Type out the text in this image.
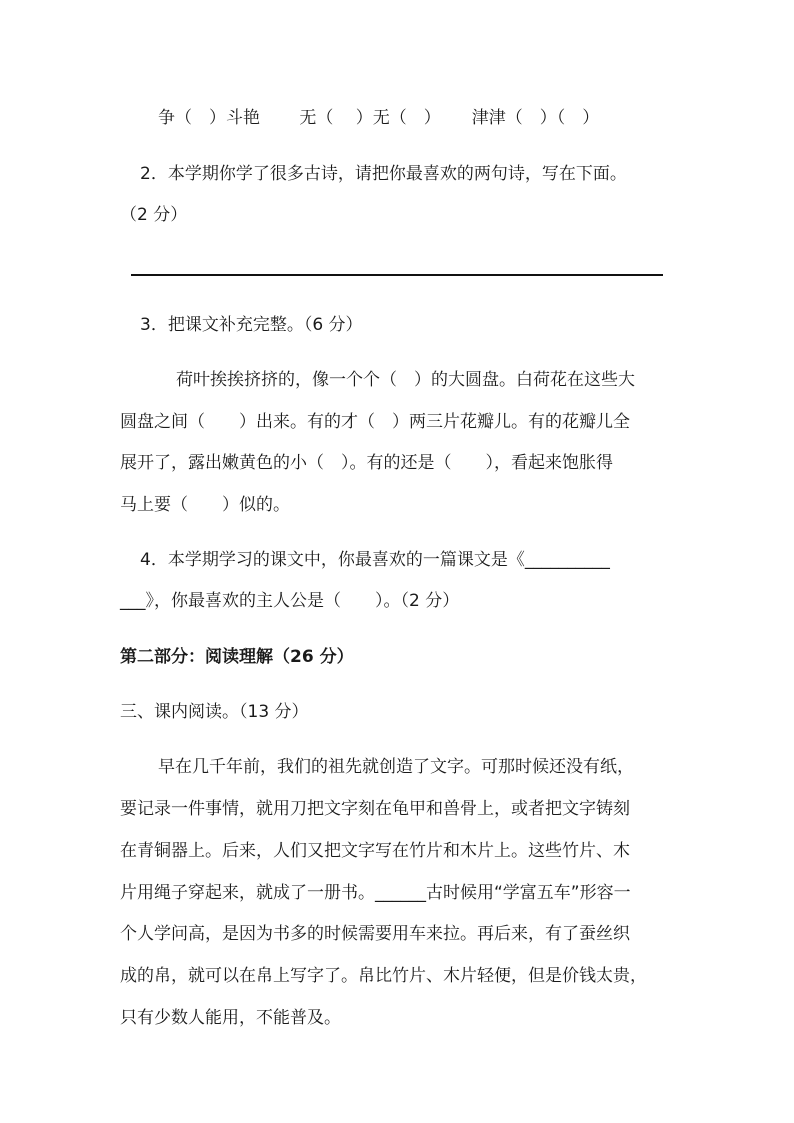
争（　）斗艳　　 无（　 ）无（　）　　 津津（　）（　）
2．本学期你学了很多古诗，请把你最喜欢的两句诗，写在下面。
（2 分）
3．把课文补充完整。（6 分）
荷叶挨挨挤挤的，像一个个（　）的大圆盘。白荷花在这些大
圆盘之间（　　）出来。有的才（　）两三片花瓣儿。有的花瓣儿全
展开了，露出嫩黄色的小（　）。有的还是（　　），看起来饱胀得
马上要（　　）似的。
4．本学期学习的课文中，你最喜欢的一篇课文是《__________
___》，你最喜欢的主人公是（　　）。（2 分）
第二部分：阅读理解（26 分）
三、课内阅读。（13 分）
早在几千年前，我们的祖先就创造了文字。可那时候还没有纸，
要记录一件事情，就用刀把文字刻在龟甲和兽骨上，或者把文字铸刻
在青铜器上。后来，人们又把文字写在竹片和木片上。这些竹片、木
片用绳子穿起来，就成了一册书。______古时候用“学富五车”形容一
个人学问高，是因为书多的时候需要用车来拉。再后来，有了蚕丝织
成的帛，就可以在帛上写字了。帛比竹片、木片轻便，但是价钱太贵，
只有少数人能用，不能普及。
